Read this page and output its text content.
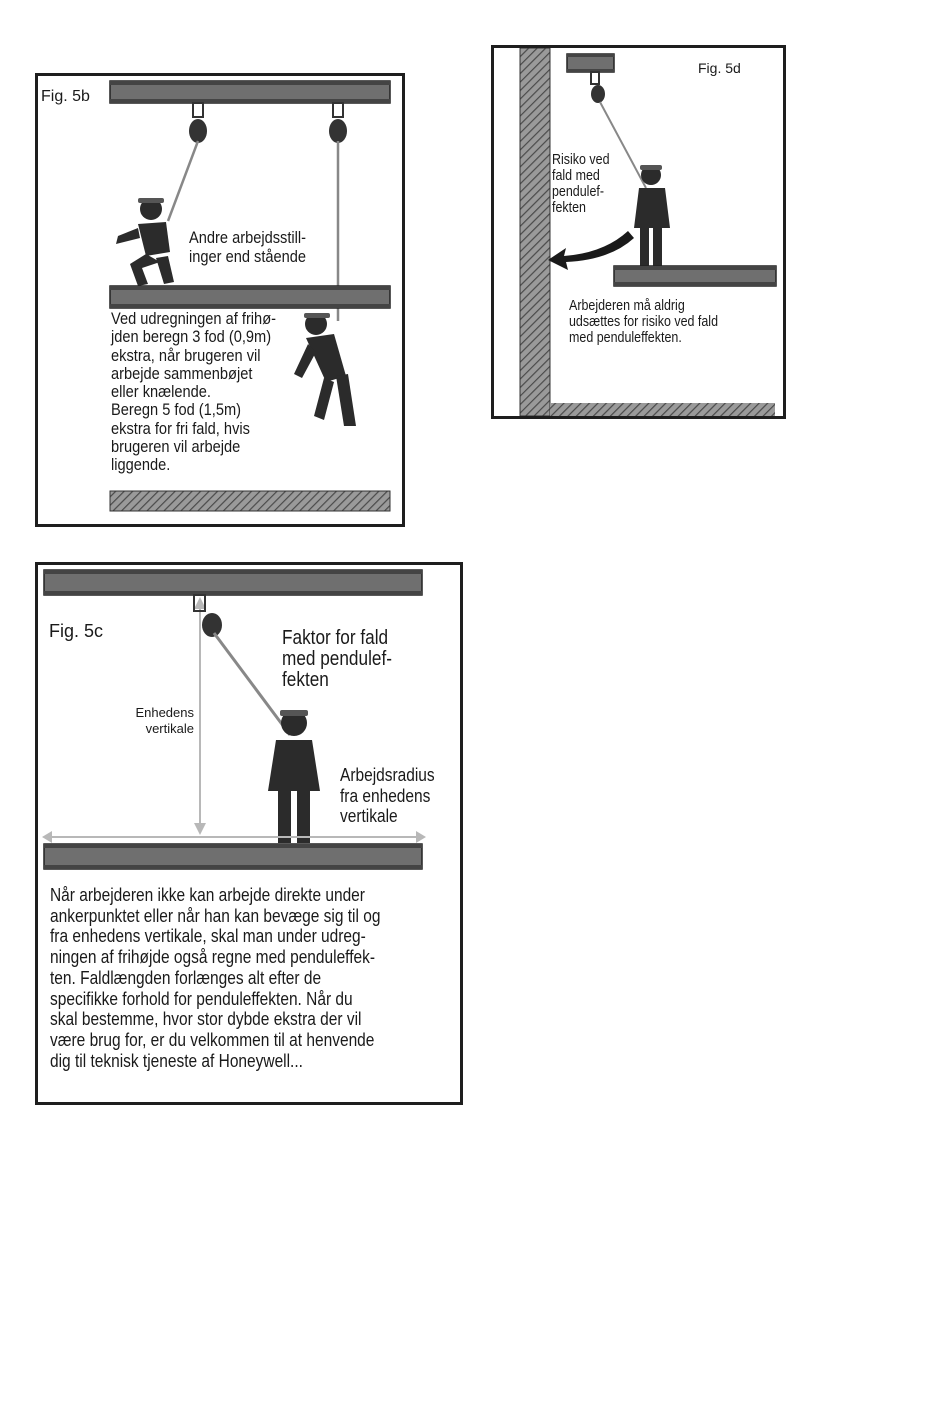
Fig. 5b

Andre arbejdsstill-
inger end stående

Ved udregningen af frihø-
jden beregn 3 fod (0,9m)
ekstra, når brugeren vil
arbejde sammenbøjet
eller knælende.
Beregn 5 fod (1,5m)
ekstra for fri fald, hvis
brugeren vil arbejde
liggende.

Fig. 5d

Risiko ved
fald med
pendulef-
fekten

Arbejderen må aldrig
udsættes for risiko ved fald
med penduleffekten.

Fig. 5c	Faktor for fald
med pendulef-
fekten

Enhedens
vertikale

Arbejdsradius
fra enhedens
vertikale

Når arbejderen ikke kan arbejde direkte under
ankerpunktet eller når han kan bevæge sig til og
fra enhedens vertikale, skal man under udreg-
ningen af frihøjde også regne med penduleffek-
ten. Faldlængden forlænges alt efter de
specifikke forhold for penduleffekten. Når du
skal bestemme, hvor stor dybde ekstra der vil
være brug for, er du velkommen til at henvende
dig til teknisk tjeneste af Honeywell...
